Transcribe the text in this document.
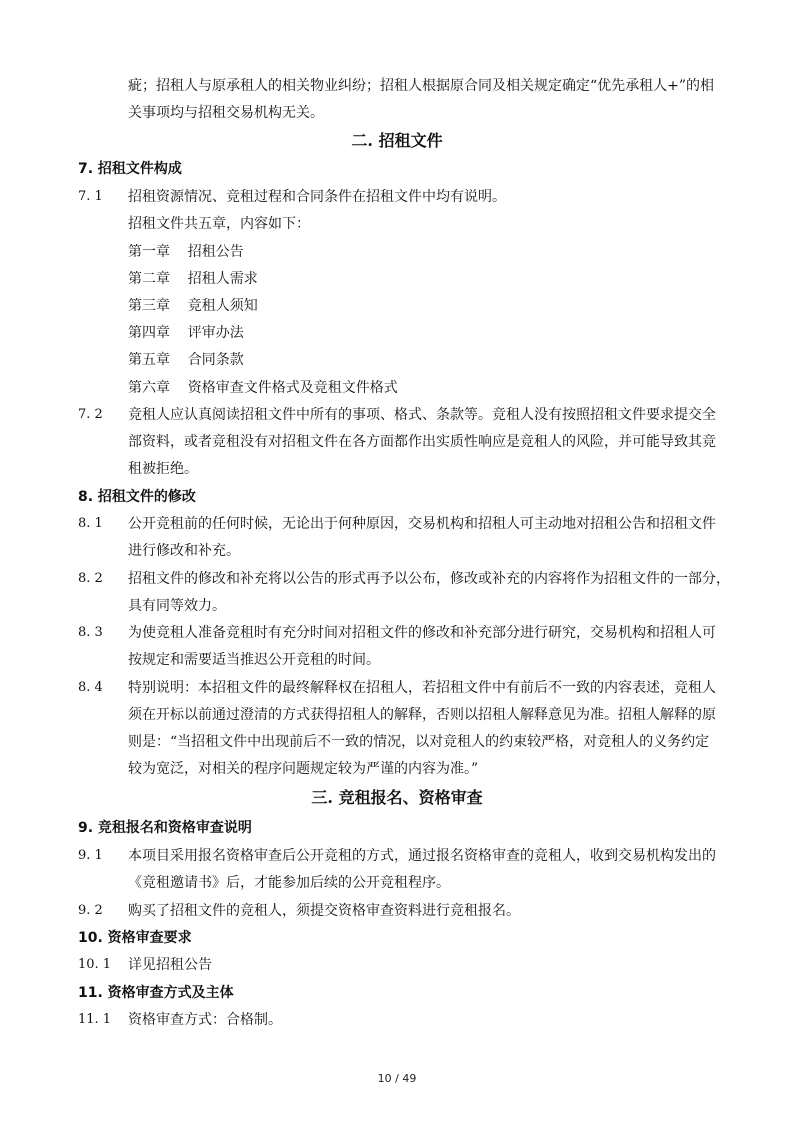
疵；招租人与原承租人的相关物业纠纷；招租人根据原合同及相关规定确定“优先承租人+”的相
关事项均与招租交易机构无关。
二. 招租文件
7. 招租文件构成
7. 1 招租资源情况、竞租过程和合同条件在招租文件中均有说明。
招租文件共五章，内容如下：
第一章    招租公告
第二章    招租人需求
第三章    竞租人须知
第四章    评审办法
第五章    合同条款
第六章    资格审查文件格式及竞租文件格式
7. 2 竞租人应认真阅读招租文件中所有的事项、格式、条款等。竞租人没有按照招租文件要求提交全
部资料，或者竞租没有对招租文件在各方面都作出实质性响应是竞租人的风险，并可能导致其竞
租被拒绝。
8. 招租文件的修改
8. 1 公开竞租前的任何时候，无论出于何种原因，交易机构和招租人可主动地对招租公告和招租文件
进行修改和补充。
8. 2 招租文件的修改和补充将以公告的形式再予以公布，修改或补充的内容将作为招租文件的一部分，
具有同等效力。
8. 3 为使竞租人准备竞租时有充分时间对招租文件的修改和补充部分进行研究，交易机构和招租人可
按规定和需要适当推迟公开竞租的时间。
8. 4 特别说明：本招租文件的最终解释权在招租人，若招租文件中有前后不一致的内容表述，竞租人
须在开标以前通过澄清的方式获得招租人的解释，否则以招租人解释意见为准。招租人解释的原
则是：“当招租文件中出现前后不一致的情况，以对竞租人的约束较严格，对竞租人的义务约定
较为宽泛，对相关的程序问题规定较为严谨的内容为准。”
三. 竞租报名、资格审查
9. 竞租报名和资格审查说明
9. 1 本项目采用报名资格审查后公开竞租的方式，通过报名资格审查的竞租人，收到交易机构发出的
《竞租邀请书》后，才能参加后续的公开竞租程序。
9. 2 购买了招租文件的竞租人，须提交资格审查资料进行竞租报名。
10. 资格审查要求
10. 1 详见招租公告
11. 资格审查方式及主体
11. 1 资格审查方式：合格制。
10 / 49
